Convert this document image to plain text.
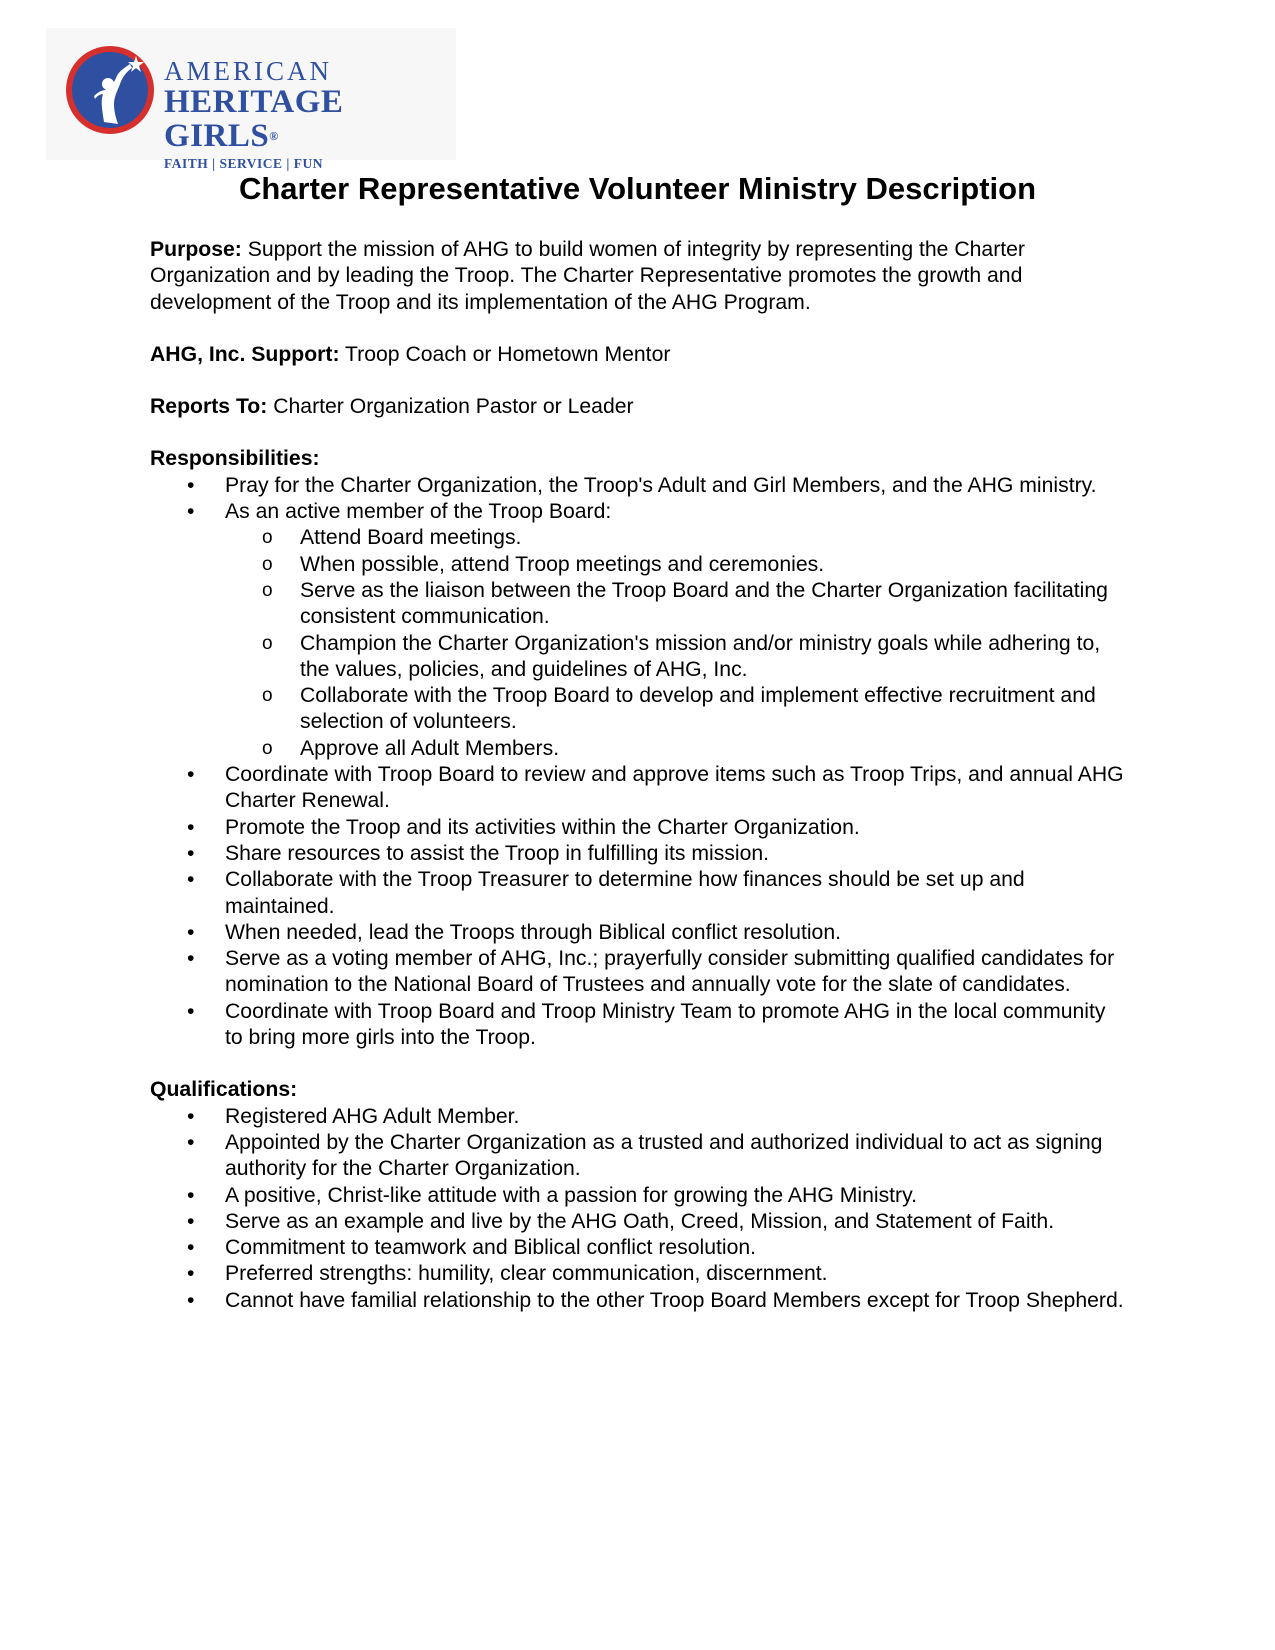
AMERICAN
HERITAGE GIRLS®
FAITH | SERVICE | FUN
Charter Representative Volunteer Ministry Description

Purpose: Support the mission of AHG to build women of integrity by representing the Charter Organization and by leading the Troop. The Charter Representative promotes the growth and development of the Troop and its implementation of the AHG Program.

AHG, Inc. Support: Troop Coach or Hometown Mentor

Reports To: Charter Organization Pastor or Leader

Responsibilities:

• Pray for the Charter Organization, the Troop's Adult and Girl Members, and the AHG ministry.
• As an active member of the Troop Board:
o Attend Board meetings.
o When possible, attend Troop meetings and ceremonies.
o Serve as the liaison between the Troop Board and the Charter Organization facilitating consistent communication.
o Champion the Charter Organization's mission and/or ministry goals while adhering to, the values, policies, and guidelines of AHG, Inc.
o Collaborate with the Troop Board to develop and implement effective recruitment and selection of volunteers.
o Approve all Adult Members.
• Coordinate with Troop Board to review and approve items such as Troop Trips, and annual AHG Charter Renewal.
• Promote the Troop and its activities within the Charter Organization.
• Share resources to assist the Troop in fulfilling its mission.
• Collaborate with the Troop Treasurer to determine how finances should be set up and maintained.
• When needed, lead the Troops through Biblical conflict resolution.
• Serve as a voting member of AHG, Inc.; prayerfully consider submitting qualified candidates for nomination to the National Board of Trustees and annually vote for the slate of candidates.
• Coordinate with Troop Board and Troop Ministry Team to promote AHG in the local community to bring more girls into the Troop.

Qualifications:

• Registered AHG Adult Member.
• Appointed by the Charter Organization as a trusted and authorized individual to act as signing authority for the Charter Organization.
• A positive, Christ-like attitude with a passion for growing the AHG Ministry.
• Serve as an example and live by the AHG Oath, Creed, Mission, and Statement of Faith.
• Commitment to teamwork and Biblical conflict resolution.
• Preferred strengths: humility, clear communication, discernment.
• Cannot have familial relationship to the other Troop Board Members except for Troop Shepherd.
